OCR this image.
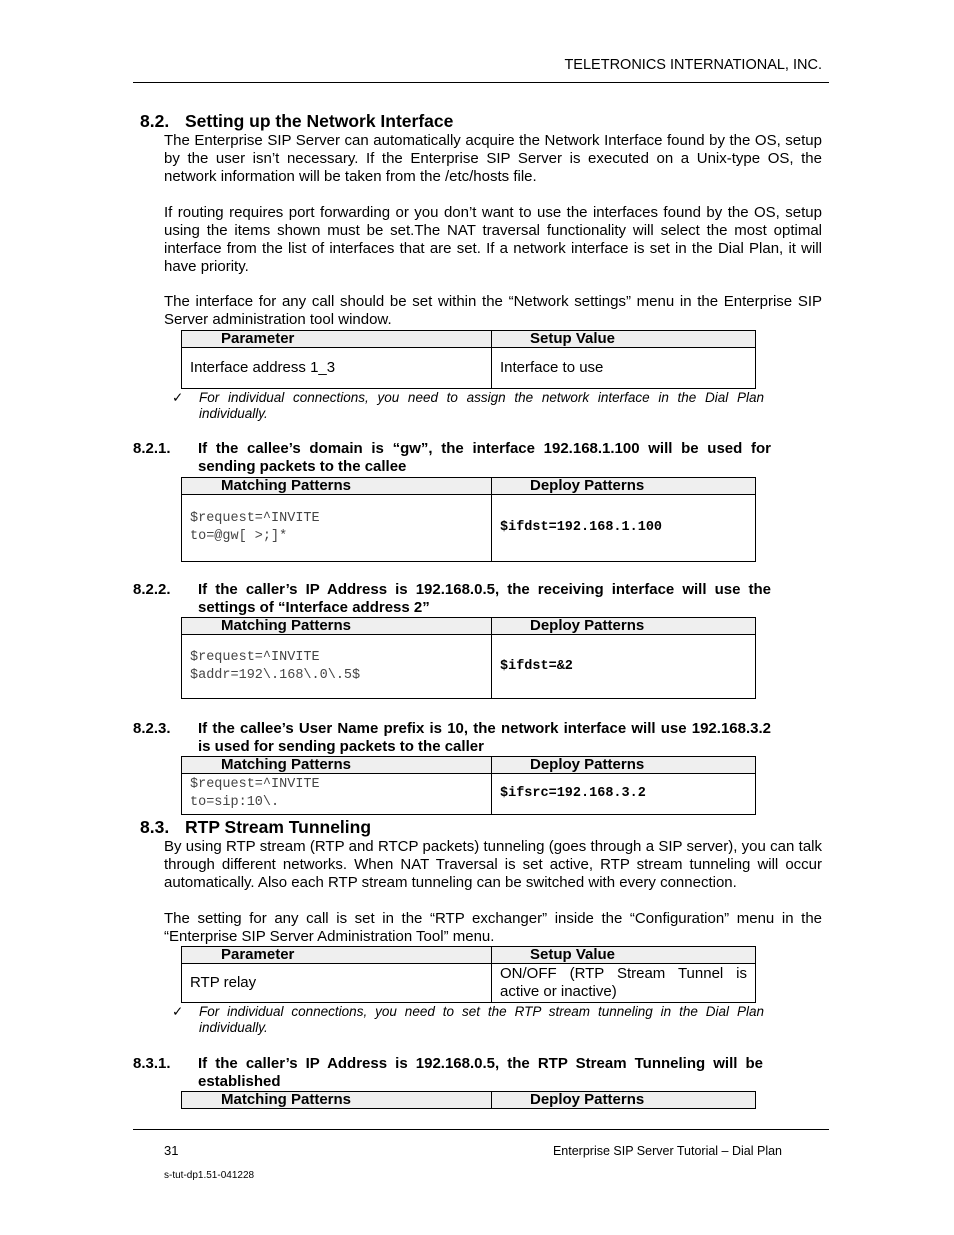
TELETRONICS INTERNATIONAL, INC.
8.2. Setting up the Network Interface

The Enterprise SIP Server can automatically acquire the Network Interface found by the OS, setup by the user isn’t necessary. If the Enterprise SIP Server is executed on a Unix-type OS, the network information will be taken from the /etc/hosts file.

If routing requires port forwarding or you don’t want to use the interfaces found by the OS, setup using the items shown must be set.The NAT traversal functionality will select the most optimal interface from the list of interfaces that are set. If a network interface is set in the Dial Plan, it will have priority.

The interface for any call should be set within the “Network settings” menu in the Enterprise SIP Server administration tool window.

Parameter	Setup Value
Interface address 1_3	Interface to use
✓ For individual connections, you need to assign the network interface in the Dial Plan individually.
8.2.1. If the callee’s domain is “gw”, the interface 192.168.1.100 will be used for sending packets to the callee
Matching Patterns	Deploy Patterns

$request=^INVITE
to=@gw[ >;]*	$ifdst=192.168.1.100
8.2.2. If the caller’s IP Address is 192.168.0.5, the receiving interface will use the settings of “Interface address 2”
Matching Patterns	Deploy Patterns

$request=^INVITE
$addr=192\.168\.0\.5$	$ifdst=&2
8.2.3. If the callee’s User Name prefix is 10, the network interface will use 192.168.3.2 is used for sending packets to the caller
Matching Patterns	Deploy Patterns

$request=^INVITE
to=sip:10\.	$ifsrc=192.168.3.2
8.3. RTP Stream Tunneling

By using RTP stream (RTP and RTCP packets) tunneling (goes through a SIP server), you can talk through different networks. When NAT Traversal is set active, RTP stream tunneling will occur automatically. Also each RTP stream tunneling can be switched with every connection.

The setting for any call is set in the “RTP exchanger” inside the “Configuration” menu in the “Enterprise SIP Server Administration Tool” menu.

Parameter	Setup Value
RTP relay	ON/OFF (RTP Stream Tunnel is active or inactive)
✓ For individual connections, you need to set the RTP stream tunneling in the Dial Plan individually.
8.3.1. If the caller’s IP Address is 192.168.0.5, the RTP Stream Tunneling will be established
Matching Patterns	Deploy Patterns
31	Enterprise SIP Server Tutorial – Dial Plan
s-tut-dp1.51-041228
